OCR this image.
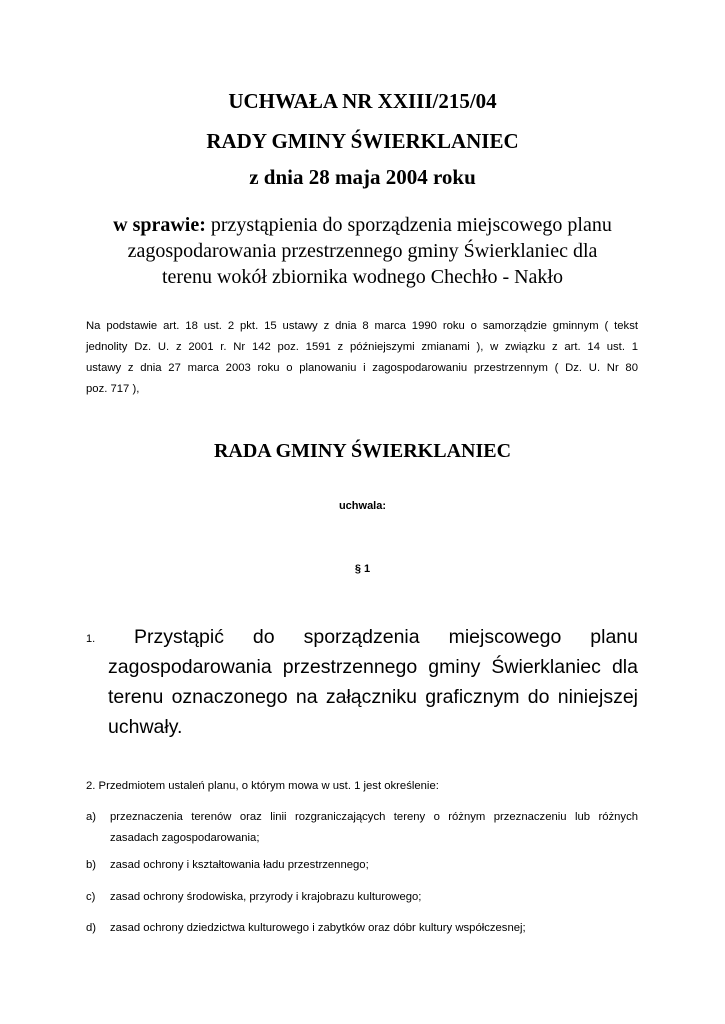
UCHWAŁA NR XXIII/215/04
RADY GMINY ŚWIERKLANIEC
z dnia 28 maja 2004 roku
w sprawie: przystąpienia do sporządzenia miejscowego planu
zagospodarowania przestrzennego gminy Świerklaniec dla
terenu wokół zbiornika wodnego Chechło - Nakło
Na podstawie art. 18 ust. 2 pkt. 15 ustawy z dnia 8 marca 1990 roku o samorządzie gminnym ( tekst
jednolity Dz. U. z 2001 r. Nr 142 poz. 1591 z późniejszymi zmianami ), w związku z art. 14 ust. 1
ustawy z dnia 27 marca 2003 roku o planowaniu i zagospodarowaniu przestrzennym ( Dz. U. Nr 80
poz. 717 ),
RADA GMINY ŚWIERKLANIEC
uchwala:
§ 1
1.	Przystąpić do sporządzenia miejscowego planu
zagospodarowania przestrzennego gminy Świerklaniec dla
terenu oznaczonego na załączniku graficznym do niniejszej
uchwały.
2. Przedmiotem ustaleń planu, o którym mowa w ust. 1 jest określenie:
a)	przeznaczenia terenów oraz linii rozgraniczających tereny o różnym przeznaczeniu lub różnych
zasadach zagospodarowania;
b)	zasad ochrony i kształtowania ładu przestrzennego;
c)	zasad ochrony środowiska, przyrody i krajobrazu kulturowego;
d)	zasad ochrony dziedzictwa kulturowego i zabytków oraz dóbr kultury współczesnej;
